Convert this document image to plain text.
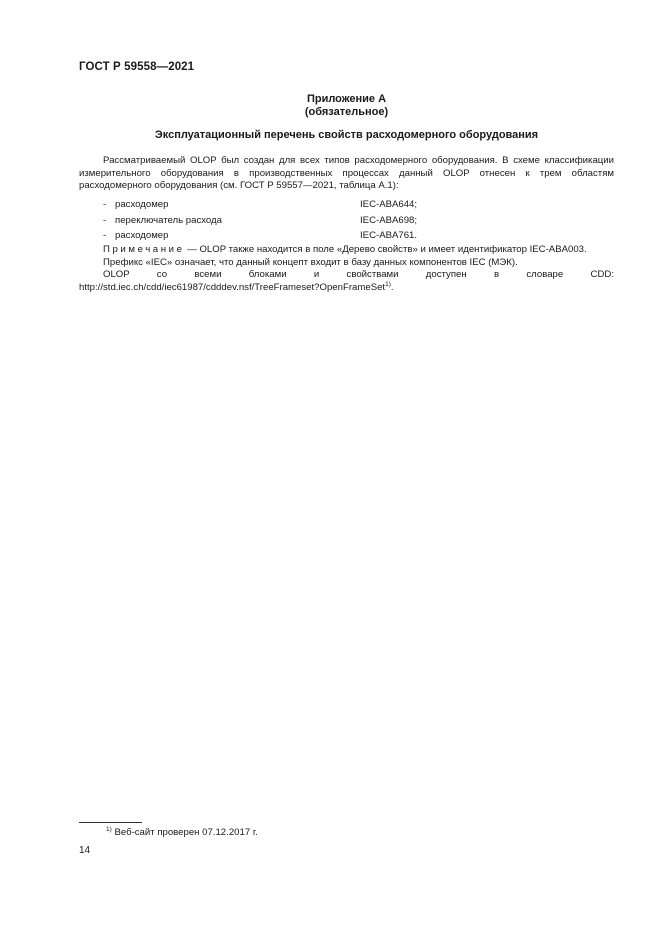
ГОСТ Р 59558—2021
Приложение А
(обязательное)
Эксплуатационный перечень свойств расходомерного оборудования

Рассматриваемый OLOP был создан для всех типов расходомерного оборудования. В схеме классификации измерительного оборудования в производственных процессах данный OLOP отнесен к трем областям расходомерного оборудования (см. ГОСТ Р 59557—2021, таблица А.1):

- расходомер	IEC-ABA644;
- переключатель расхода	IEC-ABA698;
- расходомер	IEC-ABA761.

Примечание — OLOP также находится в поле «Дерево свойств» и имеет идентификатор IEC-ABA003.

Префикс «IEC» означает, что данный концепт входит в базу данных компонентов IEC (МЭК).

OLOP со всеми блоками и свойствами доступен в словаре CDD: http://std.iec.ch/cdd/iec61987/cdddev.nsf/TreeFrameset?OpenFrameSet$^{1)}$.

$^{1)}$ Веб-сайт проверен 07.12.2017 г.
14
